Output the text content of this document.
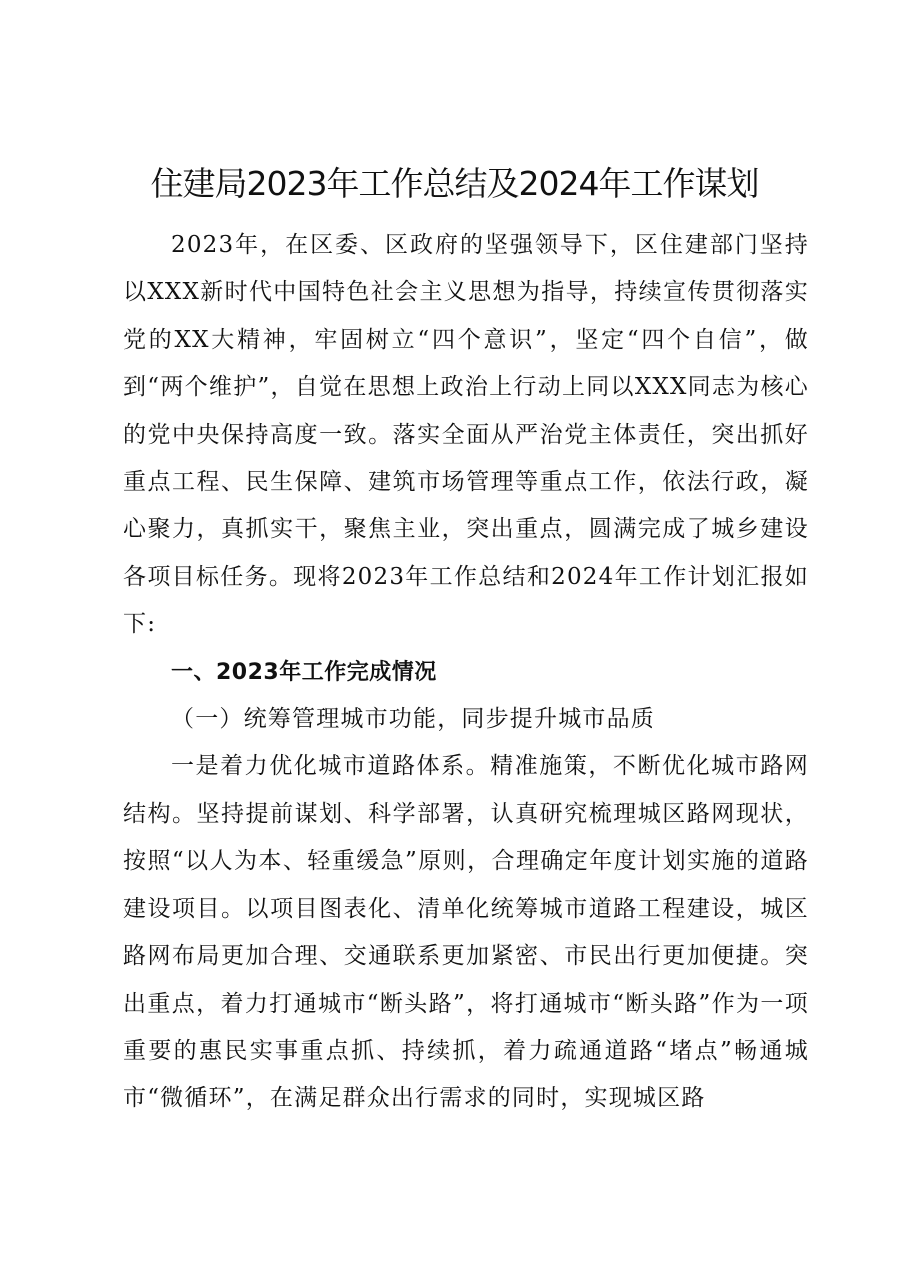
住建局2023年工作总结及2024年工作谋划

2023年，在区委、区政府的坚强领导下，区住建部门坚持以XXX新时代中国特色社会主义思想为指导，持续宣传贯彻落实党的XX大精神，牢固树立“四个意识”，坚定“四个自信”，做到“两个维护”，自觉在思想上政治上行动上同以XXX同志为核心的党中央保持高度一致。落实全面从严治党主体责任，突出抓好重点工程、民生保障、建筑市场管理等重点工作，依法行政，凝心聚力，真抓实干，聚焦主业，突出重点，圆满完成了城乡建设各项目标任务。现将2023年工作总结和2024年工作计划汇报如下:

一、2023年工作完成情况

（一）统筹管理城市功能，同步提升城市品质

一是着力优化城市道路体系。精准施策，不断优化城市路网结构。坚持提前谋划、科学部署，认真研究梳理城区路网现状，按照“以人为本、轻重缓急”原则，合理确定年度计划实施的道路建设项目。以项目图表化、清单化统筹城市道路工程建设，城区路网布局更加合理、交通联系更加紧密、市民出行更加便捷。突出重点，着力打通城市“断头路”，将打通城市“断头路”作为一项重要的惠民实事重点抓、持续抓，着力疏通道路“堵点”畅通城市“微循环”，在满足群众出行需求的同时，实现城区路
